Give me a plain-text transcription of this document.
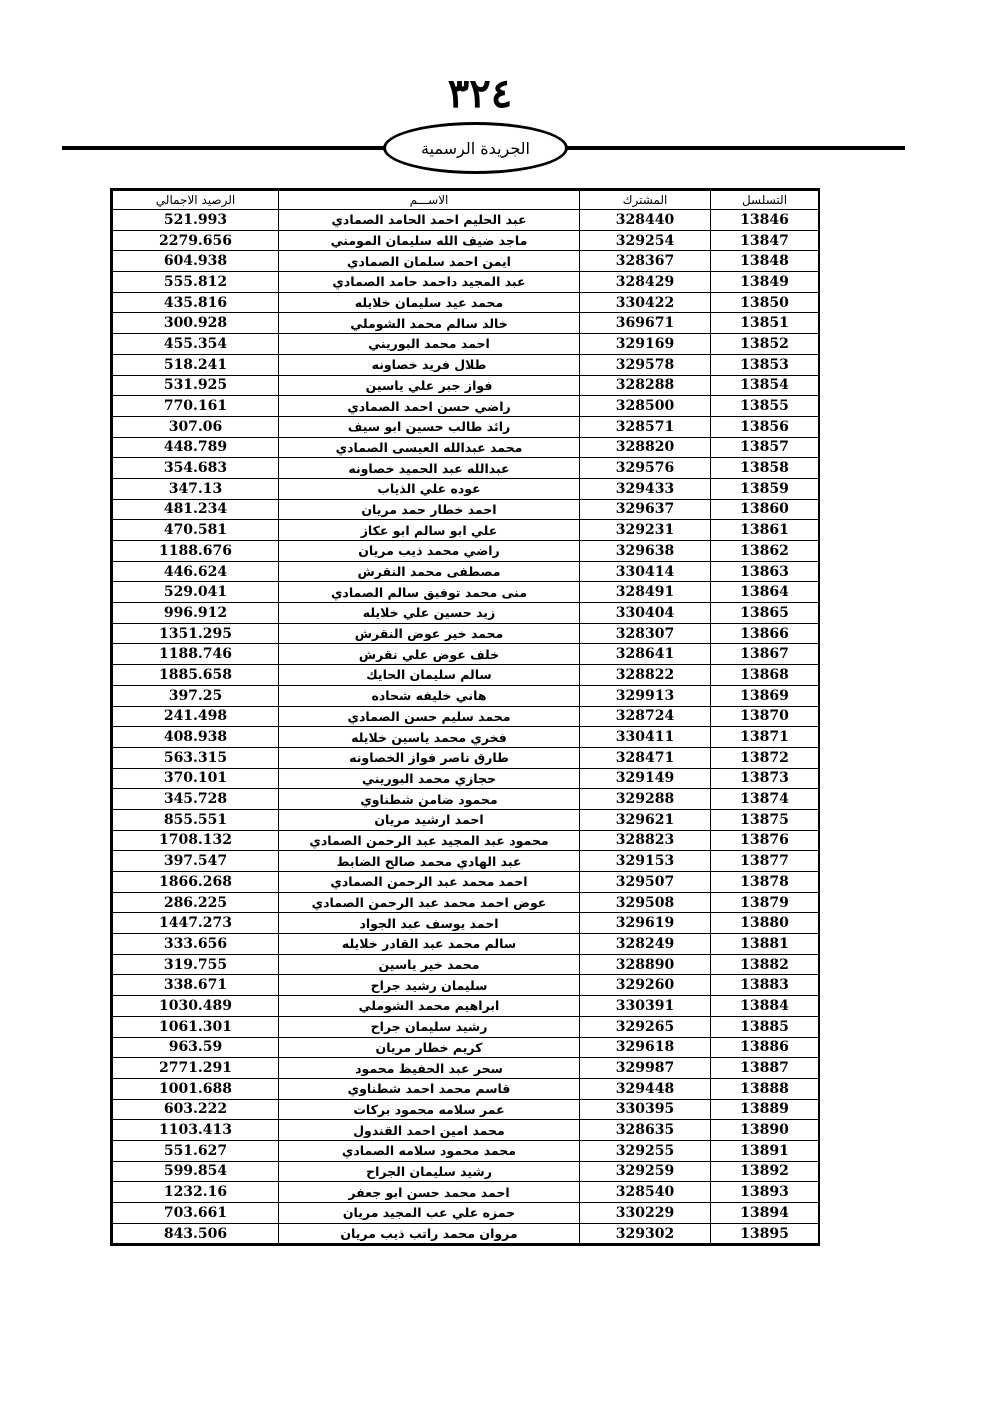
٣٢٤
الجريدة الرسمية
الرصيد الاجمالي	الاســـم	المشترك	التسلسل
521.993	عبد الحليم احمد الحامد الصمادي	328440	13846
2279.656	ماجد ضيف الله سليمان المومني	329254	13847
604.938	ايمن احمد سلمان الصمادي	328367	13848
555.812	عبد المجيد داحمد حامد الصمادي	328429	13849
435.816	محمد عيد سليمان خلايله	330422	13850
300.928	خالد سالم محمد الشوملي	369671	13851
455.354	احمد محمد البوريني	329169	13852
518.241	طلال فريد خصاونه	329578	13853
531.925	فواز جبر علي ياسين	328288	13854
770.161	راضي حسن احمد الصمادي	328500	13855
307.06	رائد طالب حسين ابو سيف	328571	13856
448.789	محمد عبدالله العيسى الصمادي	328820	13857
354.683	عبدالله عبد الحميد خصاونه	329576	13858
347.13	عوده علي الذياب	329433	13859
481.234	احمد خطار حمد مريان	329637	13860
470.581	علي ابو سالم ابو عكاز	329231	13861
1188.676	راضي محمد ذيب مريان	329638	13862
446.624	مصطفى محمد النقرش	330414	13863
529.041	منى محمد توفيق سالم الصمادي	328491	13864
996.912	زيد حسين علي خلايله	330404	13865
1351.295	محمد خير عوض النقرش	328307	13866
1188.746	خلف عوض علي نقرش	328641	13867
1885.658	سالم سليمان الحايك	328822	13868
397.25	هاني خليفه شحاده	329913	13869
241.498	محمد سليم حسن الصمادي	328724	13870
408.938	فخري محمد ياسين خلايله	330411	13871
563.315	طارق ناصر فواز الخصاونه	328471	13872
370.101	حجازي محمد البوريني	329149	13873
345.728	محمود ضامن شطناوي	329288	13874
855.551	احمد ارشيد مريان	329621	13875
1708.132	محمود عبد المجيد عبد الرحمن الصمادي	328823	13876
397.547	عبد الهادي محمد صالح الضابط	329153	13877
1866.268	احمد محمد عبد الرحمن الصمادي	329507	13878
286.225	عوض احمد محمد عبد الرحمن الصمادي	329508	13879
1447.273	احمد يوسف عبد الجواد	329619	13880
333.656	سالم محمد عبد القادر خلايله	328249	13881
319.755	محمد خير ياسين	328890	13882
338.671	سليمان رشيد جراح	329260	13883
1030.489	ابراهيم محمد الشوملي	330391	13884
1061.301	رشيد سليمان جراح	329265	13885
963.59	كريم خطار مريان	329618	13886
2771.291	سحر عبد الحفيظ محمود	329987	13887
1001.688	قاسم محمد احمد شطناوي	329448	13888
603.222	عمر سلامه محمود بركات	330395	13889
1103.413	محمد امين احمد القندول	328635	13890
551.627	محمد محمود سلامه الصمادي	329255	13891
599.854	رشيد سليمان الجراح	329259	13892
1232.16	احمد محمد حسن ابو جعفر	328540	13893
703.661	حمزه علي عب المجيد مريان	330229	13894
843.506	مروان محمد راتب ذيب مريان	329302	13895
